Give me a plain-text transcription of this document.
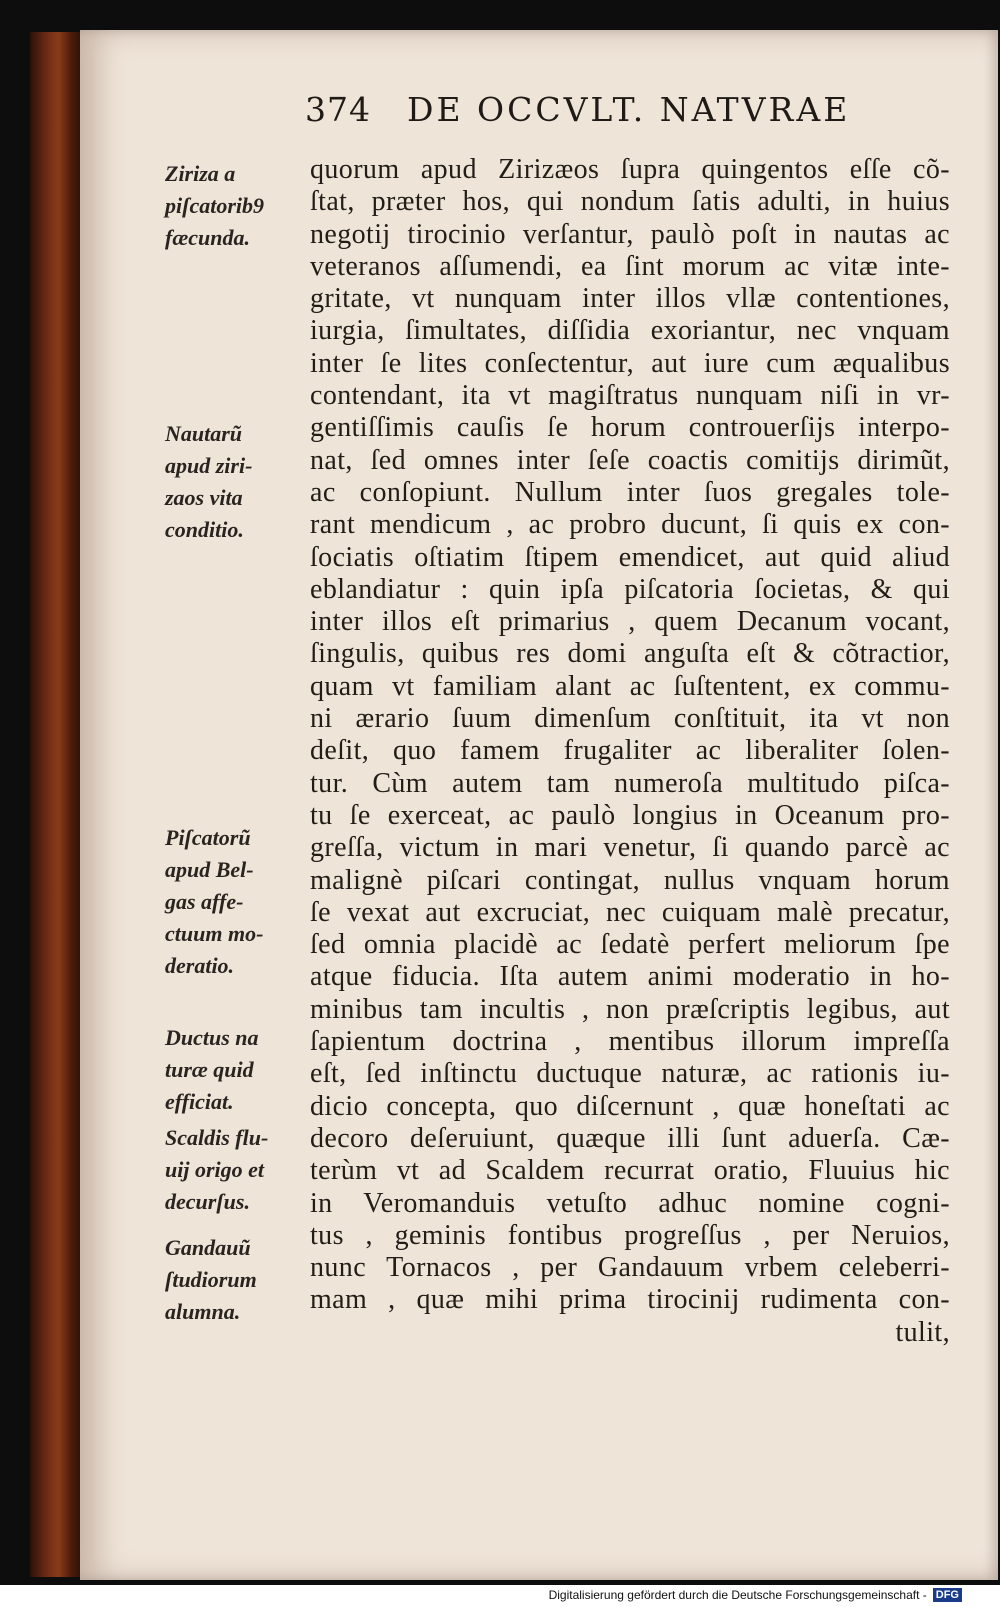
374 DE OCCVLT. NATVRAE
quorum apud Zirizæos ſupra quingentos eſſe cõ-
ſtat, præter hos, qui nondum ſatis adulti, in huius
negotij tirocinio verſantur, paulò poſt in nautas ac
veteranos aſſumendi, ea ſint morum ac vitæ inte-
gritate, vt nunquam inter illos vllæ contentiones,
iurgia, ſimultates, diſſidia exoriantur, nec vnquam
inter ſe lites conſectentur, aut iure cum æqualibus
contendant, ita vt magiſtratus nunquam niſi in vr-
gentiſſimis cauſis ſe horum controuerſijs interpo-
nat, ſed omnes inter ſeſe coactis comitijs dirimũt,
ac conſopiunt. Nullum inter ſuos gregales tole-
rant mendicum , ac probro ducunt, ſi quis ex con-
ſociatis oſtiatim ſtipem emendicet, aut quid aliud
eblandiatur : quin ipſa piſcatoria ſocietas, & qui
inter illos eſt primarius , quem Decanum vocant,
ſingulis, quibus res domi anguſta eſt & cõtractior,
quam vt familiam alant ac ſuſtentent, ex commu-
ni ærario ſuum dimenſum conſtituit, ita vt non
deſit, quo famem frugaliter ac liberaliter ſolen-
tur. Cùm autem tam numeroſa multitudo piſca-
tu ſe exerceat, ac paulò longius in Oceanum pro-
greſſa, victum in mari venetur, ſi quando parcè ac
malignè piſcari contingat, nullus vnquam horum
ſe vexat aut excruciat, nec cuiquam malè precatur,
ſed omnia placidè ac ſedatè perfert meliorum ſpe
atque fiducia. Iſta autem animi moderatio in ho-
minibus tam incultis , non præſcriptis legibus, aut
ſapientum doctrina , mentibus illorum impreſſa
eſt, ſed inſtinctu ductuque naturæ, ac rationis iu-
dicio concepta, quo diſcernunt , quæ honeſtati ac
decoro deſeruiunt, quæque illi ſunt aduerſa. Cæ-
terùm vt ad Scaldem recurrat oratio, Fluuius hic
in Veromanduis vetuſto adhuc nomine cogni-
tus , geminis fontibus progreſſus , per Neruios,
nunc Tornacos , per Gandauum vrbem celeberri-
mam , quæ mihi prima tirocinij rudimenta con-
tulit,
Ziriza a
piſcatorib9
fæcunda.
Nautarũ
apud ziri-
zaos vita
conditio.
Piſcatorũ
apud Bel-
gas affe-
ctuum mo-
deratio.
Ductus na
turæ quid
efficiat.
Scaldis flu-
uij origo et
decurſus.
Gandauũ
ſtudiorum
alumna.
Digitalisierung gefördert durch die Deutsche Forschungsgemeinschaft - DFG
